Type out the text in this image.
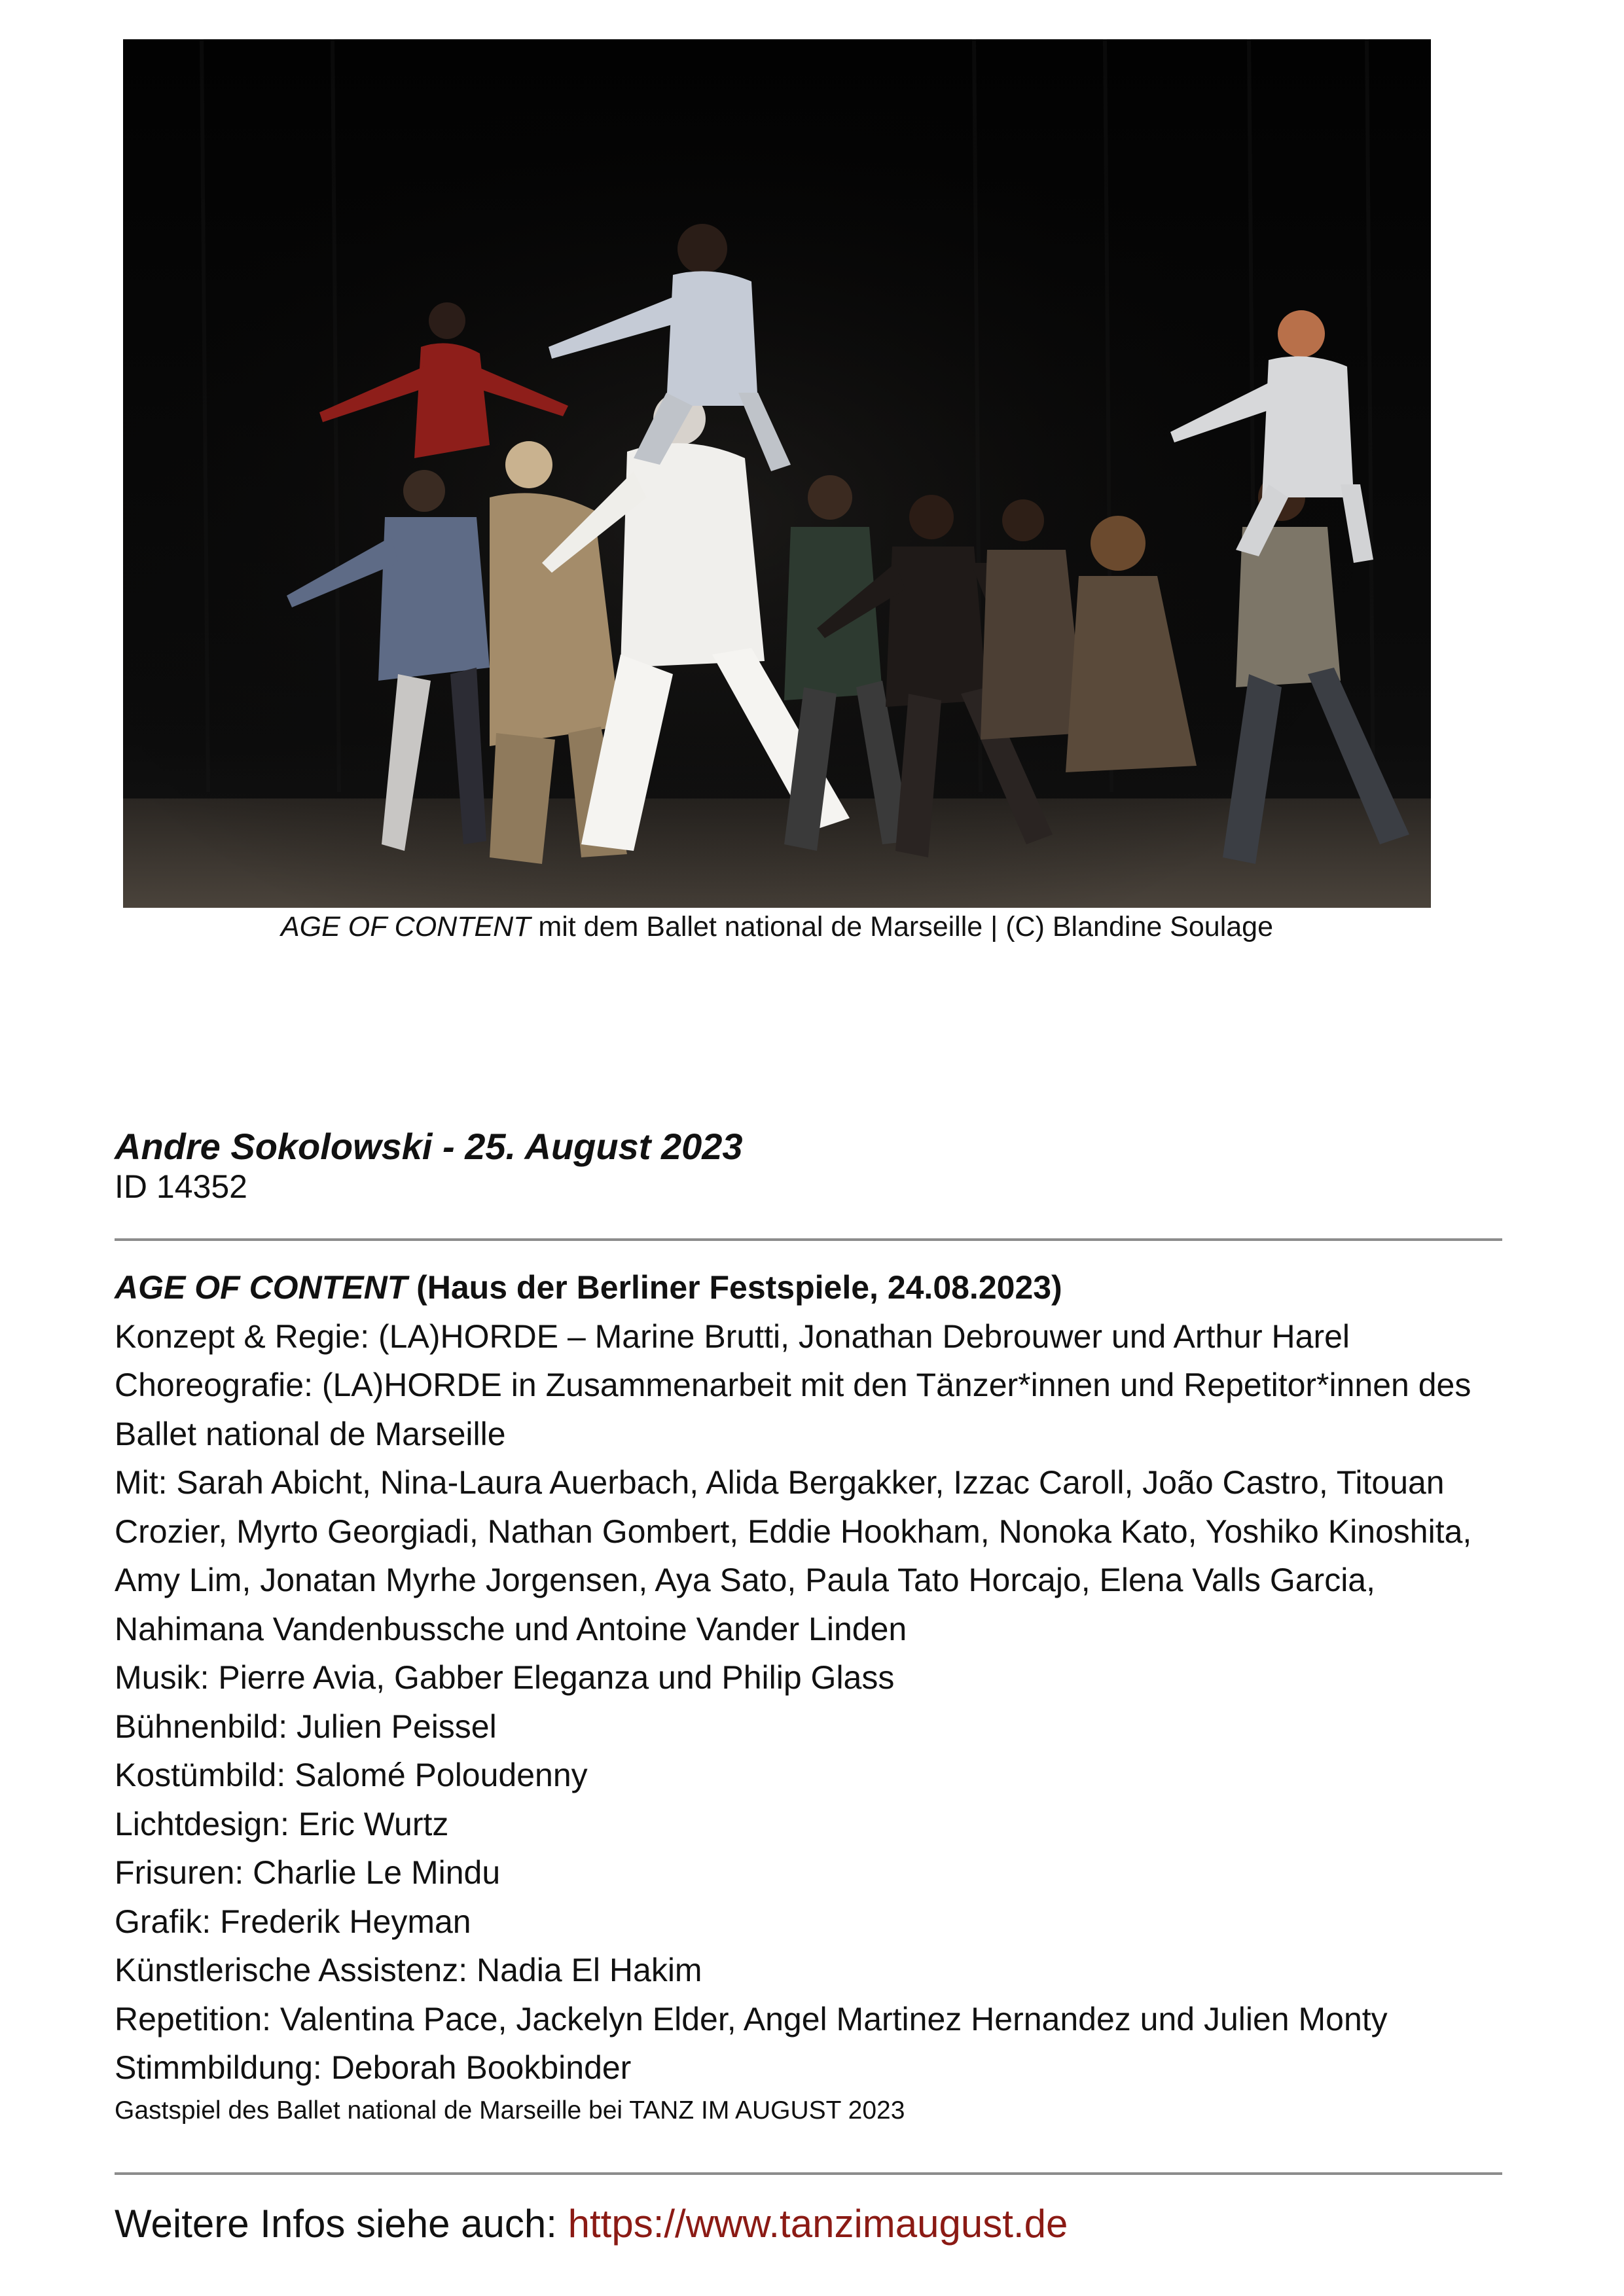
AGE OF CONTENT mit dem Ballet national de Marseille | (C) Blandine Soulage

Andre Sokolowski - 25. August 2023

ID 14352

AGE OF CONTENT (Haus der Berliner Festspiele, 24.08.2023)
Konzept & Regie: (LA)HORDE – Marine Brutti, Jonathan Debrouwer und Arthur Harel
Choreografie: (LA)HORDE in Zusammenarbeit mit den Tänzer*innen und Repetitor*innen des Ballet national de Marseille
Mit: Sarah Abicht, Nina-Laura Auerbach, Alida Bergakker, Izzac Caroll, João Castro, Titouan Crozier, Myrto Georgiadi, Nathan Gombert, Eddie Hookham, Nonoka Kato, Yoshiko Kinoshita, Amy Lim, Jonatan Myrhe Jorgensen, Aya Sato, Paula Tato Horcajo, Elena Valls Garcia, Nahimana Vandenbussche und Antoine Vander Linden
Musik: Pierre Avia, Gabber Eleganza und Philip Glass
Bühnenbild: Julien Peissel
Kostümbild: Salomé Poloudenny
Lichtdesign: Eric Wurtz
Frisuren: Charlie Le Mindu
Grafik: Frederik Heyman
Künstlerische Assistenz: Nadia El Hakim
Repetition: Valentina Pace, Jackelyn Elder, Angel Martinez Hernandez und Julien Monty
Stimmbildung: Deborah Bookbinder

Gastspiel des Ballet national de Marseille bei TANZ IM AUGUST 2023

Weitere Infos siehe auch: https://www.tanzimaugust.de
